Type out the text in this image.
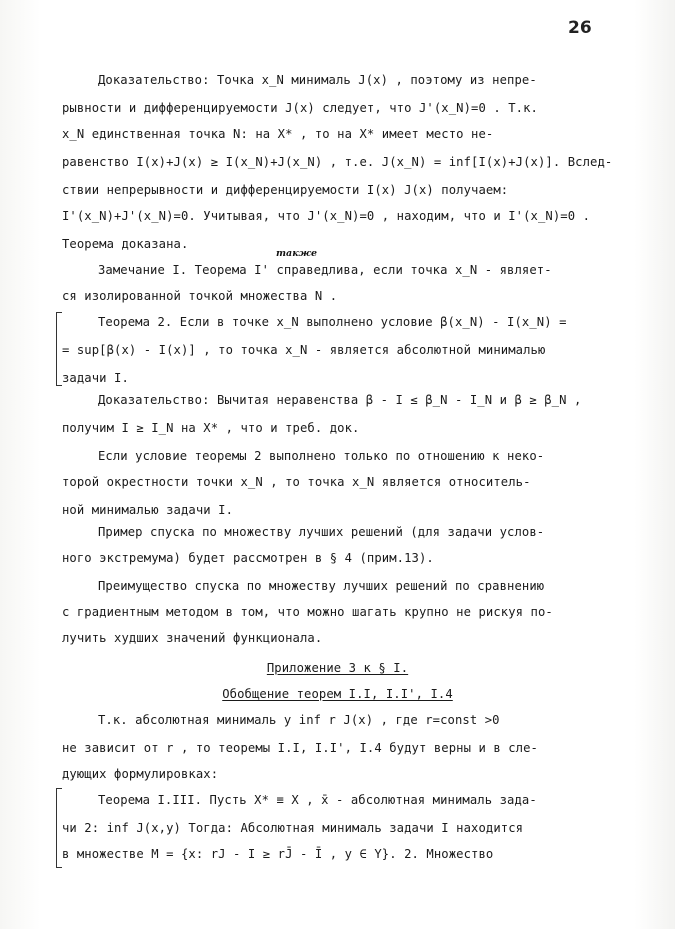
26
Доказательство: Точка x_N минималь J(x) , поэтому из непре-
рывности и дифференцируемости J(x) следует, что J'(x_N)=0 . Т.к.
x_N единственная точка N: на X* , то на X* имеет место не-
равенство I(x)+J(x) ≥ I(x_N)+J(x_N) , т.е. J(x_N) = inf[I(x)+J(x)]. Вслед-
ствии непрерывности и дифференцируемости I(x) J(x) получаем:
I'(x_N)+J'(x_N)=0. Учитывая, что J'(x_N)=0 , находим, что и I'(x_N)=0 .
Теорема доказана.
также
Замечание I. Теорема I' справедлива, если точка x_N - являет-
ся изолированной точкой множества N .
Теорема 2. Если в точке x_N выполнено условие β(x_N) - I(x_N) =
= sup[β(x) - I(x)] , то точка x_N - является абсолютной минималью
задачи I.
Доказательство: Вычитая неравенства β - I ≤ β_N - I_N и β ≥ β_N ,
получим I ≥ I_N на X* , что и треб. док.
Если условие теоремы 2 выполнено только по отношению к неко-
торой окрестности точки x_N , то точка x_N является относитель-
ной минималью задачи I.
Пример спуска по множеству лучших решений (для задачи услов-
ного экстремума) будет рассмотрен в § 4 (прим.13).
Преимущество спуска по множеству лучших решений по сравнению
с градиентным методом в том, что можно шагать крупно не рискуя по-
лучить худших значений функционала.
Приложение 3 к § I.
Обобщение теорем I.I, I.I', I.4
Т.к. абсолютная минималь у inf r J(x) , где r=const >0
не зависит от r , то теоремы I.I, I.I', I.4 будут верны и в сле-
дующих формулировках:
Теорема I.III. Пусть X* ≡ X , x̄ - абсолютная минималь зада-
чи 2: inf J(x,y) Тогда: Абсолютная минималь задачи I находится
в множестве M = {x: rJ - I ≥ rJ̄ - Ī , y ∈ Y}. 2. Множество
